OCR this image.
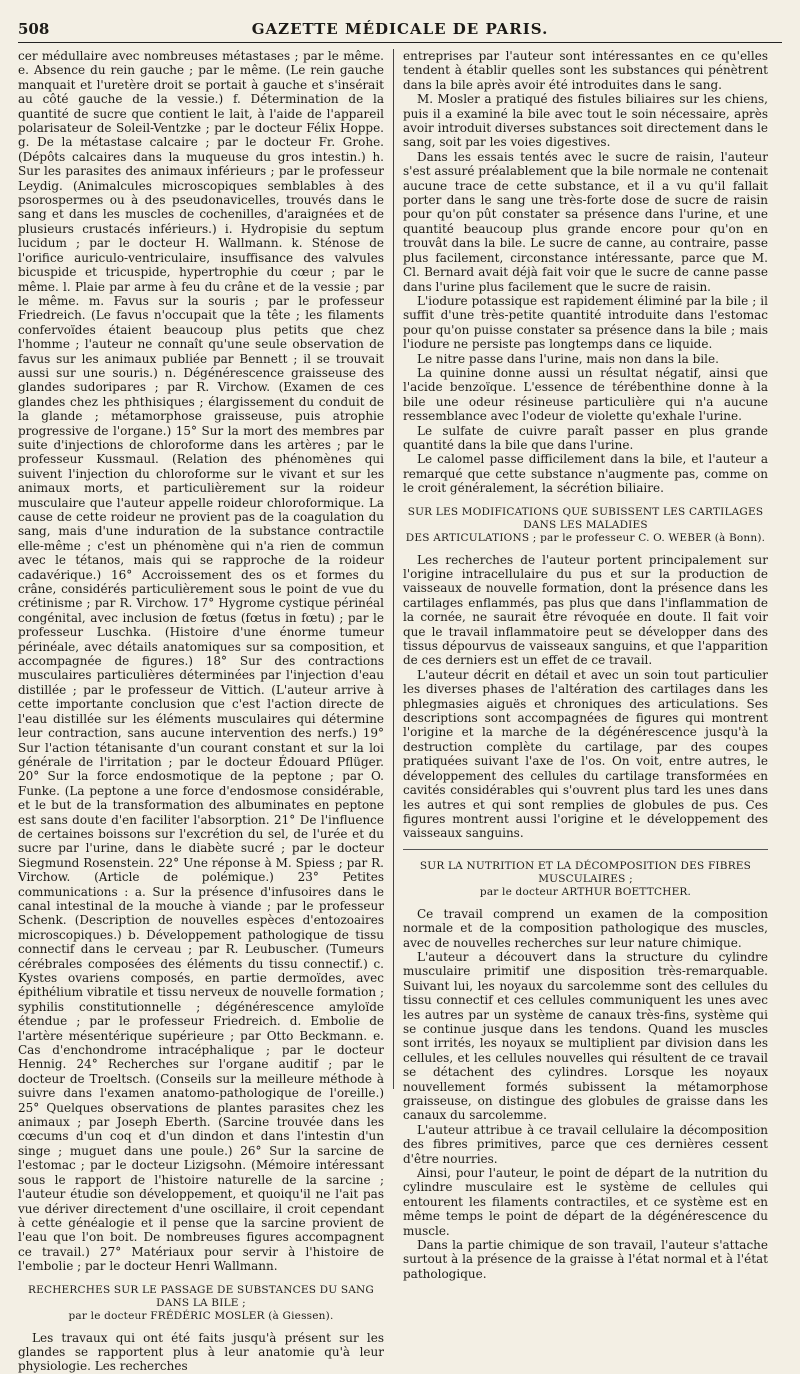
508	GAZETTE MÉDICALE DE PARIS.

cer médullaire avec nombreuses métastases ; par le même. e. Absence du rein gauche ; par le même. (Le rein gauche manquait et l'uretère droit se portait à gauche et s'insérait au côté gauche de la vessie.) f. Détermination de la quantité de sucre que contient le lait, à l'aide de l'appareil polarisateur de Soleil-Ventzke ; par le docteur Félix Hoppe. g. De la métastase calcaire ; par le docteur Fr. Grohe. (Dépôts calcaires dans la muqueuse du gros intestin.) h. Sur les parasites des animaux inférieurs ; par le professeur Leydig. (Animalcules microscopiques semblables à des psorospermes ou à des pseudonavicelles, trouvés dans le sang et dans les muscles de cochenilles, d'araignées et de plusieurs crustacés inférieurs.) i. Hydropisie du septum lucidum ; par le docteur H. Wallmann. k. Sténose de l'orifice auriculo-ventriculaire, insuffisance des valvules bicuspide et tricuspide, hypertrophie du cœur ; par le même. l. Plaie par arme à feu du crâne et de la vessie ; par le même. m. Favus sur la souris ; par le professeur Friedreich. (Le favus n'occupait que la tête ; les filaments confervoïdes étaient beaucoup plus petits que chez l'homme ; l'auteur ne connaît qu'une seule observation de favus sur les animaux publiée par Bennett ; il se trouvait aussi sur une souris.) n. Dégénérescence graisseuse des glandes sudoripares ; par R. Virchow. (Examen de ces glandes chez les phthisiques ; élargissement du conduit de la glande ; métamorphose graisseuse, puis atrophie progressive de l'organe.) 15° Sur la mort des membres par suite d'injections de chloroforme dans les artères ; par le professeur Kussmaul. (Relation des phénomènes qui suivent l'injection du chloroforme sur le vivant et sur les animaux morts, et particulièrement sur la roideur musculaire que l'auteur appelle roideur chloroformique. La cause de cette roideur ne provient pas de la coagulation du sang, mais d'une induration de la substance contractile elle-même ; c'est un phénomène qui n'a rien de commun avec le tétanos, mais qui se rapproche de la roideur cadavérique.) 16° Accroissement des os et formes du crâne, considérés particulièrement sous le point de vue du crétinisme ; par R. Virchow. 17° Hygrome cystique périnéal congénital, avec inclusion de fœtus (fœtus in fœtu) ; par le professeur Luschka. (Histoire d'une énorme tumeur périnéale, avec détails anatomiques sur sa composition, et accompagnée de figures.) 18° Sur des contractions musculaires particulières déterminées par l'injection d'eau distillée ; par le professeur de Vittich. (L'auteur arrive à cette importante conclusion que c'est l'action directe de l'eau distillée sur les éléments musculaires qui détermine leur contraction, sans aucune intervention des nerfs.) 19° Sur l'action tétanisante d'un courant constant et sur la loi générale de l'irritation ; par le docteur Édouard Pflüger. 20° Sur la force endosmotique de la peptone ; par O. Funke. (La peptone a une force d'endosmose considérable, et le but de la transformation des albuminates en peptone est sans doute d'en faciliter l'absorption. 21° De l'influence de certaines boissons sur l'excrétion du sel, de l'urée et du sucre par l'urine, dans le diabète sucré ; par le docteur Siegmund Rosenstein. 22° Une réponse à M. Spiess ; par R. Virchow. (Article de polémique.) 23° Petites communications : a. Sur la présence d'infusoires dans le canal intestinal de la mouche à viande ; par le professeur Schenk. (Description de nouvelles espèces d'entozoaires microscopiques.) b. Développement pathologique de tissu connectif dans le cerveau ; par R. Leubuscher. (Tumeurs cérébrales composées des éléments du tissu connectif.) c. Kystes ovariens composés, en partie dermoïdes, avec épithélium vibratile et tissu nerveux de nouvelle formation ; syphilis constitutionnelle ; dégénérescence amyloïde étendue ; par le professeur Friedreich. d. Embolie de l'artère mésentérique supérieure ; par Otto Beckmann. e. Cas d'enchondrome intracéphalique ; par le docteur Hennig. 24° Recherches sur l'organe auditif ; par le docteur de Troeltsch. (Conseils sur la meilleure méthode à suivre dans l'examen anatomo-pathologique de l'oreille.) 25° Quelques observations de plantes parasites chez les animaux ; par Joseph Eberth. (Sarcine trouvée dans les cœcums d'un coq et d'un dindon et dans l'intestin d'un singe ; muguet dans une poule.) 26° Sur la sarcine de l'estomac ; par le docteur Lizigsohn. (Mémoire intéressant sous le rapport de l'histoire naturelle de la sarcine ; l'auteur étudie son développement, et quoiqu'il ne l'ait pas vue dériver directement d'une oscillaire, il croit cependant à cette généalogie et il pense que la sarcine provient de l'eau que l'on boit. De nombreuses figures accompagnent ce travail.) 27° Matériaux pour servir à l'histoire de l'embolie ; par le docteur Henri Wallmann.

RECHERCHES SUR LE PASSAGE DE SUBSTANCES DU SANG DANS LA BILE ;
par le docteur FRÉDÉRIC MOSLER (à Giessen).

Les travaux qui ont été faits jusqu'à présent sur les glandes se rapportent plus à leur anatomie qu'à leur physiologie. Les recherches

entreprises par l'auteur sont intéressantes en ce qu'elles tendent à établir quelles sont les substances qui pénètrent dans la bile après avoir été introduites dans le sang.

M. Mosler a pratiqué des fistules biliaires sur les chiens, puis il a examiné la bile avec tout le soin nécessaire, après avoir introduit diverses substances soit directement dans le sang, soit par les voies digestives.

Dans les essais tentés avec le sucre de raisin, l'auteur s'est assuré préalablement que la bile normale ne contenait aucune trace de cette substance, et il a vu qu'il fallait porter dans le sang une très-forte dose de sucre de raisin pour qu'on pût constater sa présence dans l'urine, et une quantité beaucoup plus grande encore pour qu'on en trouvât dans la bile. Le sucre de canne, au contraire, passe plus facilement, circonstance intéressante, parce que M. Cl. Bernard avait déjà fait voir que le sucre de canne passe dans l'urine plus facilement que le sucre de raisin.

L'iodure potassique est rapidement éliminé par la bile ; il suffit d'une très-petite quantité introduite dans l'estomac pour qu'on puisse constater sa présence dans la bile ; mais l'iodure ne persiste pas longtemps dans ce liquide.

Le nitre passe dans l'urine, mais non dans la bile.

La quinine donne aussi un résultat négatif, ainsi que l'acide benzoïque. L'essence de térébenthine donne à la bile une odeur résineuse particulière qui n'a aucune ressemblance avec l'odeur de violette qu'exhale l'urine.

Le sulfate de cuivre paraît passer en plus grande quantité dans la bile que dans l'urine.

Le calomel passe difficilement dans la bile, et l'auteur a remarqué que cette substance n'augmente pas, comme on le croit généralement, la sécrétion biliaire.

SUR LES MODIFICATIONS QUE SUBISSENT LES CARTILAGES DANS LES MALADIES
DES ARTICULATIONS ; par le professeur C. O. WEBER (à Bonn).

Les recherches de l'auteur portent principalement sur l'origine intracellulaire du pus et sur la production de vaisseaux de nouvelle formation, dont la présence dans les cartilages enflammés, pas plus que dans l'inflammation de la cornée, ne saurait être révoquée en doute. Il fait voir que le travail inflammatoire peut se développer dans des tissus dépourvus de vaisseaux sanguins, et que l'apparition de ces derniers est un effet de ce travail.

L'auteur décrit en détail et avec un soin tout particulier les diverses phases de l'altération des cartilages dans les phlegmasies aiguës et chroniques des articulations. Ses descriptions sont accompagnées de figures qui montrent l'origine et la marche de la dégénérescence jusqu'à la destruction complète du cartilage, par des coupes pratiquées suivant l'axe de l'os. On voit, entre autres, le développement des cellules du cartilage transformées en cavités considérables qui s'ouvrent plus tard les unes dans les autres et qui sont remplies de globules de pus. Ces figures montrent aussi l'origine et le développement des vaisseaux sanguins.

SUR LA NUTRITION ET LA DÉCOMPOSITION DES FIBRES MUSCULAIRES ;
par le docteur ARTHUR BOETTCHER.

Ce travail comprend un examen de la composition normale et de la composition pathologique des muscles, avec de nouvelles recherches sur leur nature chimique.

L'auteur a découvert dans la structure du cylindre musculaire primitif une disposition très-remarquable. Suivant lui, les noyaux du sarcolemme sont des cellules du tissu connectif et ces cellules communiquent les unes avec les autres par un système de canaux très-fins, système qui se continue jusque dans les tendons. Quand les muscles sont irrités, les noyaux se multiplient par division dans les cellules, et les cellules nouvelles qui résultent de ce travail se détachent des cylindres. Lorsque les noyaux nouvellement formés subissent la métamorphose graisseuse, on distingue des globules de graisse dans les canaux du sarcolemme.

L'auteur attribue à ce travail cellulaire la décomposition des fibres primitives, parce que ces dernières cessent d'être nourries.

Ainsi, pour l'auteur, le point de départ de la nutrition du cylindre musculaire est le système de cellules qui entourent les filaments contractiles, et ce système est en même temps le point de départ de la dégénérescence du muscle.

Dans la partie chimique de son travail, l'auteur s'attache surtout à la présence de la graisse à l'état normal et à l'état pathologique.
